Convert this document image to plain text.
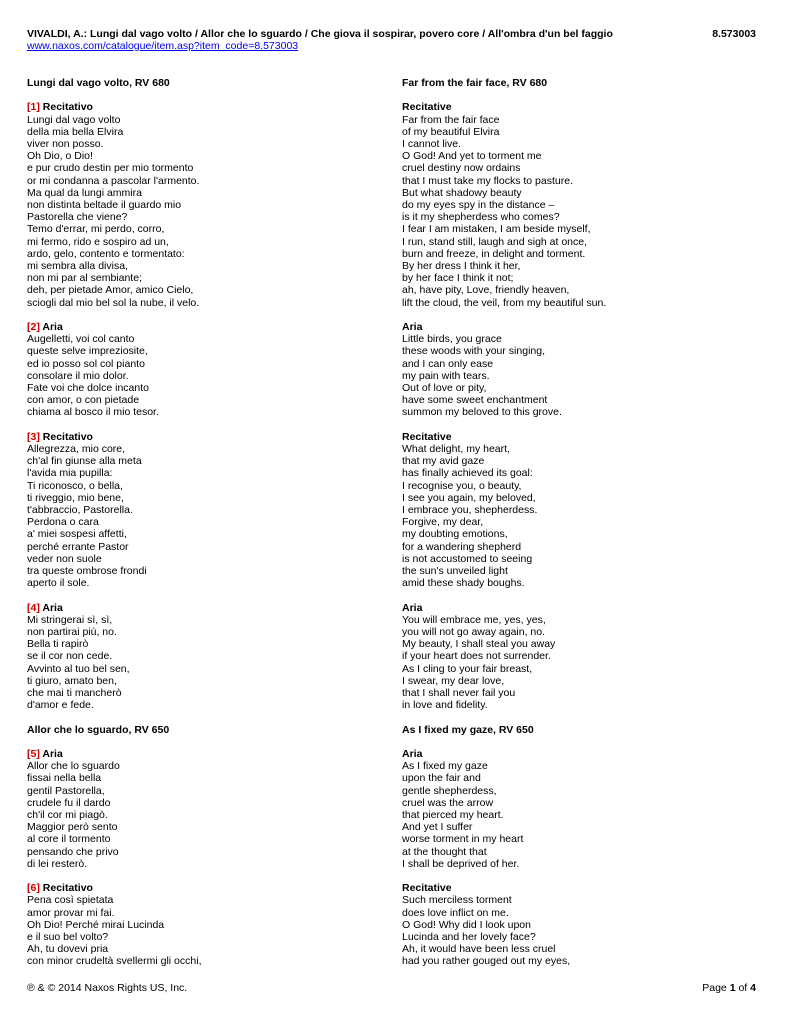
VIVALDI, A.: Lungi dal vago volto / Allor che lo sguardo / Che giova il sospirar, povero core / All'ombra d'un bel faggio	8.573003
www.naxos.com/catalogue/item.asp?item_code=8.573003
Lungi dal vago volto, RV 680
[1] Recitativo
Lungi dal vago volto
della mia bella Elvira
viver non posso.
Oh Dio, o Dio!
e pur crudo destin per mio tormento
or mi condanna a pascolar l'armento.
Ma qual da lungi ammira
non distinta beltade il guardo mio
Pastorella che viene?
Temo d'errar, mi perdo, corro,
mi fermo, rido e sospiro ad un,
ardo, gelo, contento e tormentato:
mi sembra alla divisa,
non mi par al sembiante;
deh, per pietade Amor, amico Cielo,
sciogli dal mio bel sol la nube, il velo.
[2] Aria
Augelletti, voi col canto
queste selve impreziosite,
ed io posso sol col pianto
consolare il mio dolor.
Fate voi che dolce incanto
con amor, o con pietade
chiama al bosco il mio tesor.
[3] Recitativo
Allegrezza, mio core,
ch'al fin giunse alla meta
l'avida mia pupilla:
Ti riconosco, o bella,
ti riveggio, mio bene,
t'abbraccio, Pastorella.
Perdona o cara
a' miei sospesi affetti,
perché errante Pastor
veder non suole
tra queste ombrose frondi
aperto il sole.
[4] Aria
Mi stringerai sì, sì,
non partirai più, no.
Bella ti rapirò
se il cor non cede.
Avvinto al tuo bel sen,
ti giuro, amato ben,
che mai ti mancherò
d'amor e fede.
Allor che lo sguardo, RV 650
[5] Aria
Allor che lo sguardo
fissai nella bella
gentil Pastorella,
crudele fu il dardo
ch'il cor mi piagò.
Maggior però sento
al core il tormento
pensando che privo
di lei resterò.
[6] Recitativo
Pena così spietata
amor provar mi fai.
Oh Dio! Perché mirai Lucinda
e il suo bel volto?
Ah, tu dovevi pria
con minor crudeltà svellermi gli occhi,
Far from the fair face, RV 680
Recitative
Far from the fair face
of my beautiful Elvira
I cannot live.
O God! And yet to torment me
cruel destiny now ordains
that I must take my flocks to pasture.
But what shadowy beauty
do my eyes spy in the distance –
is it my shepherdess who comes?
I fear I am mistaken, I am beside myself,
I run, stand still, laugh and sigh at once,
burn and freeze, in delight and torment.
By her dress I think it her,
by her face I think it not;
ah, have pity, Love, friendly heaven,
lift the cloud, the veil, from my beautiful sun.
Aria
Little birds, you grace
these woods with your singing,
and I can only ease
my pain with tears.
Out of love or pity,
have some sweet enchantment
summon my beloved to this grove.
Recitative
What delight, my heart,
that my avid gaze
has finally achieved its goal:
I recognise you, o beauty,
I see you again, my beloved,
I embrace you, shepherdess.
Forgive, my dear,
my doubting emotions,
for a wandering shepherd
is not accustomed to seeing
the sun's unveiled light
amid these shady boughs.
Aria
You will embrace me, yes, yes,
you will not go away again, no.
My beauty, I shall steal you away
if your heart does not surrender.
As I cling to your fair breast,
I swear, my dear love,
that I shall never fail you
in love and fidelity.
As I fixed my gaze, RV 650
Aria
As I fixed my gaze
upon the fair and
gentle shepherdess,
cruel was the arrow
that pierced my heart.
And yet I suffer
worse torment in my heart
at the thought that
I shall be deprived of her.
Recitative
Such merciless torment
does love inflict on me.
O God! Why did I look upon
Lucinda and her lovely face?
Ah, it would have been less cruel
had you rather gouged out my eyes,
℗ & © 2014 Naxos Rights US, Inc.	Page 1 of 4
